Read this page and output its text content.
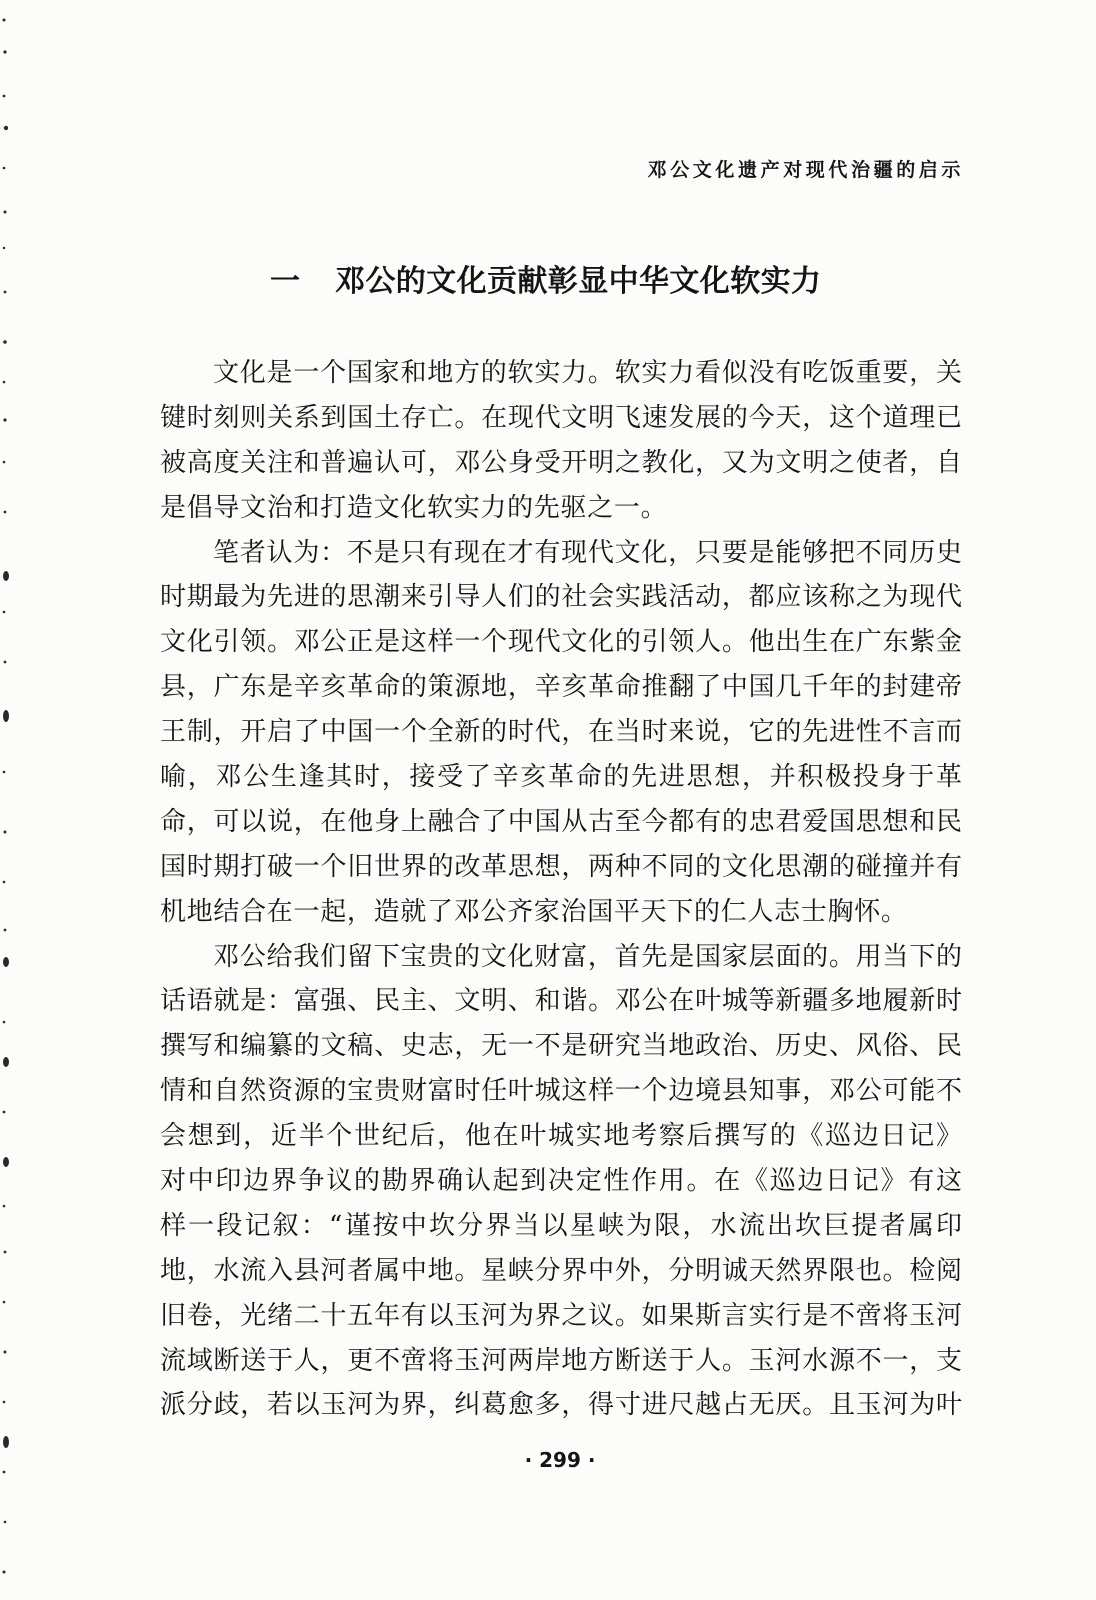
邓公文化遗产对现代治疆的启示
一 邓公的文化贡献彰显中华文化软实力
文化是一个国家和地方的软实力。软实力看似没有吃饭重要，关
键时刻则关系到国土存亡。在现代文明飞速发展的今天，这个道理已
被高度关注和普遍认可，邓公身受开明之教化，又为文明之使者，自
是倡导文治和打造文化软实力的先驱之一。
笔者认为：不是只有现在才有现代文化，只要是能够把不同历史
时期最为先进的思潮来引导人们的社会实践活动，都应该称之为现代
文化引领。邓公正是这样一个现代文化的引领人。他出生在广东紫金
县，广东是辛亥革命的策源地，辛亥革命推翻了中国几千年的封建帝
王制，开启了中国一个全新的时代，在当时来说，它的先进性不言而
喻，邓公生逢其时，接受了辛亥革命的先进思想，并积极投身于革
命，可以说，在他身上融合了中国从古至今都有的忠君爱国思想和民
国时期打破一个旧世界的改革思想，两种不同的文化思潮的碰撞并有
机地结合在一起，造就了邓公齐家治国平天下的仁人志士胸怀。
邓公给我们留下宝贵的文化财富，首先是国家层面的。用当下的
话语就是：富强、民主、文明、和谐。邓公在叶城等新疆多地履新时
撰写和编纂的文稿、史志，无一不是研究当地政治、历史、风俗、民
情和自然资源的宝贵财富时任叶城这样一个边境县知事，邓公可能不
会想到，近半个世纪后，他在叶城实地考察后撰写的《巡边日记》
对中印边界争议的勘界确认起到决定性作用。在《巡边日记》有这
样一段记叙：“谨按中坎分界当以星峡为限，水流出坎巨提者属印
地，水流入县河者属中地。星峡分界中外，分明诚天然界限也。检阅
旧卷，光绪二十五年有以玉河为界之议。如果斯言实行是不啻将玉河
流域断送于人，更不啻将玉河两岸地方断送于人。玉河水源不一，支
派分歧，若以玉河为界，纠葛愈多，得寸进尺越占无厌。且玉河为叶
· 299 ·
